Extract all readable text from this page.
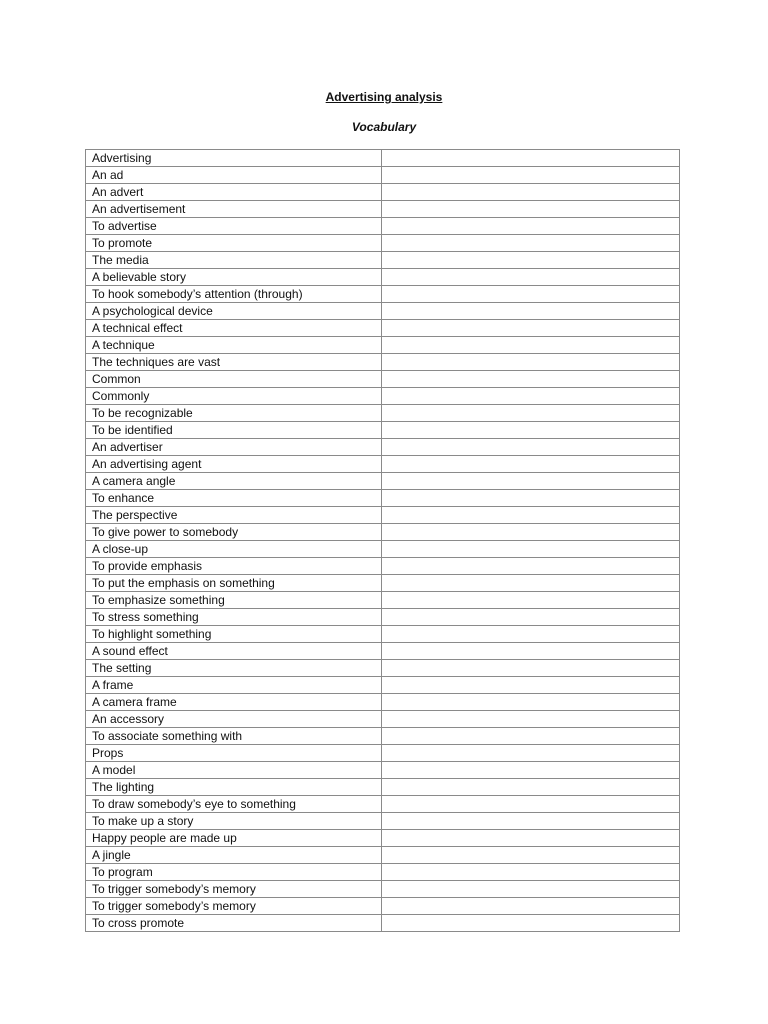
Advertising analysis
Vocabulary
Advertising	
An ad	
An advert	
An advertisement	
To advertise	
To promote	
The media	
A believable story	
To hook somebody’s attention (through)	
A psychological device	
A technical effect	
A technique	
The techniques are vast	
Common	
Commonly	
To be recognizable	
To be identified	
An advertiser	
An advertising agent	
A camera angle	
To enhance	
The perspective	
To give power to somebody	
A close-up	
To provide emphasis	
To put the emphasis on something	
To emphasize something	
To stress something	
To highlight something	
A sound effect	
The setting	
A frame	
A camera frame	
An accessory	
To associate something with	
Props	
A model	
The lighting	
To draw somebody’s eye to something	
To make up a story	
Happy people are made up	
A jingle	
To program	
To trigger somebody’s memory	
To trigger somebody’s memory	
To cross promote	
